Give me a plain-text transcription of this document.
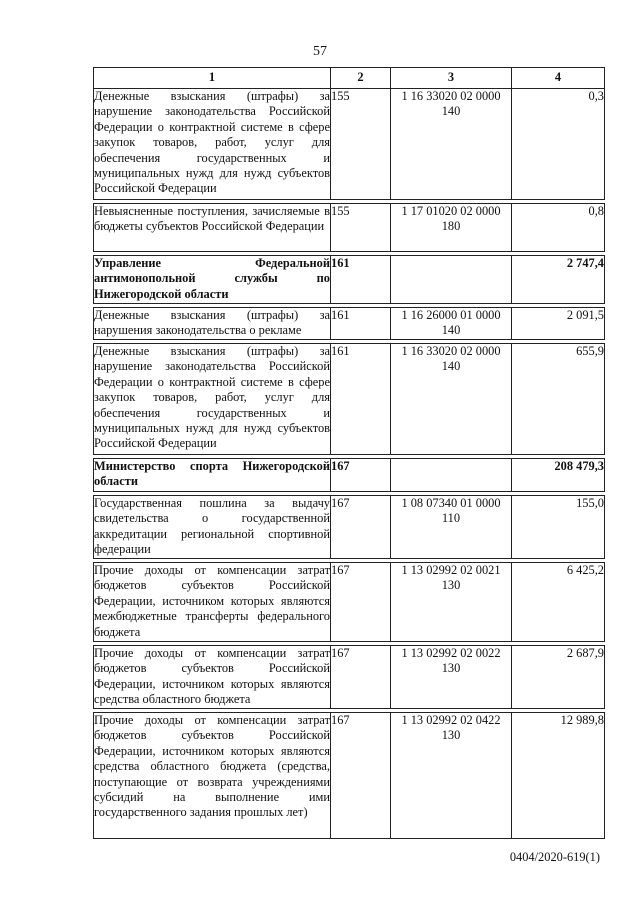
57
1	2	3	4

Денежные взыскания (штрафы) за нарушение законодательства Российской Федерации о контрактной системе в сфере закупок товаров, работ, услуг для обеспечения государственных и муниципальных нужд для нужд субъектов Российской Федерации	155	1 16 33020 02 0000 140	0,3

Невыясненные поступления, зачисляемые в бюджеты субъектов Российской Федерации	155	1 17 01020 02 0000 180	0,8

Управление Федеральной антимонопольной службы по Нижегородской области	161		2 747,4

Денежные взыскания (штрафы) за нарушения законодательства о рекламе	161	1 16 26000 01 0000 140	2 091,5

Денежные взыскания (штрафы) за нарушение законодательства Российской Федерации о контрактной системе в сфере закупок товаров, работ, услуг для обеспечения государственных и муниципальных нужд для нужд субъектов Российской Федерации	161	1 16 33020 02 0000 140	655,9

Министерство спорта Нижегородской области	167		208 479,3

Государственная пошлина за выдачу свидетельства о государственной аккредитации региональной спортивной федерации	167	1 08 07340 01 0000 110	155,0

Прочие доходы от компенсации затрат бюджетов субъектов Российской Федерации, источником которых являются межбюджетные трансферты федерального бюджета	167	1 13 02992 02 0021 130	6 425,2

Прочие доходы от компенсации затрат бюджетов субъектов Российской Федерации, источником которых являются средства областного бюджета	167	1 13 02992 02 0022 130	2 687,9

Прочие доходы от компенсации затрат бюджетов субъектов Российской Федерации, источником которых являются средства областного бюджета (средства, поступающие от возврата учреждениями субсидий на выполнение ими государственного задания прошлых лет)	167	1 13 02992 02 0422 130	12 989,8
0404/2020-619(1)
